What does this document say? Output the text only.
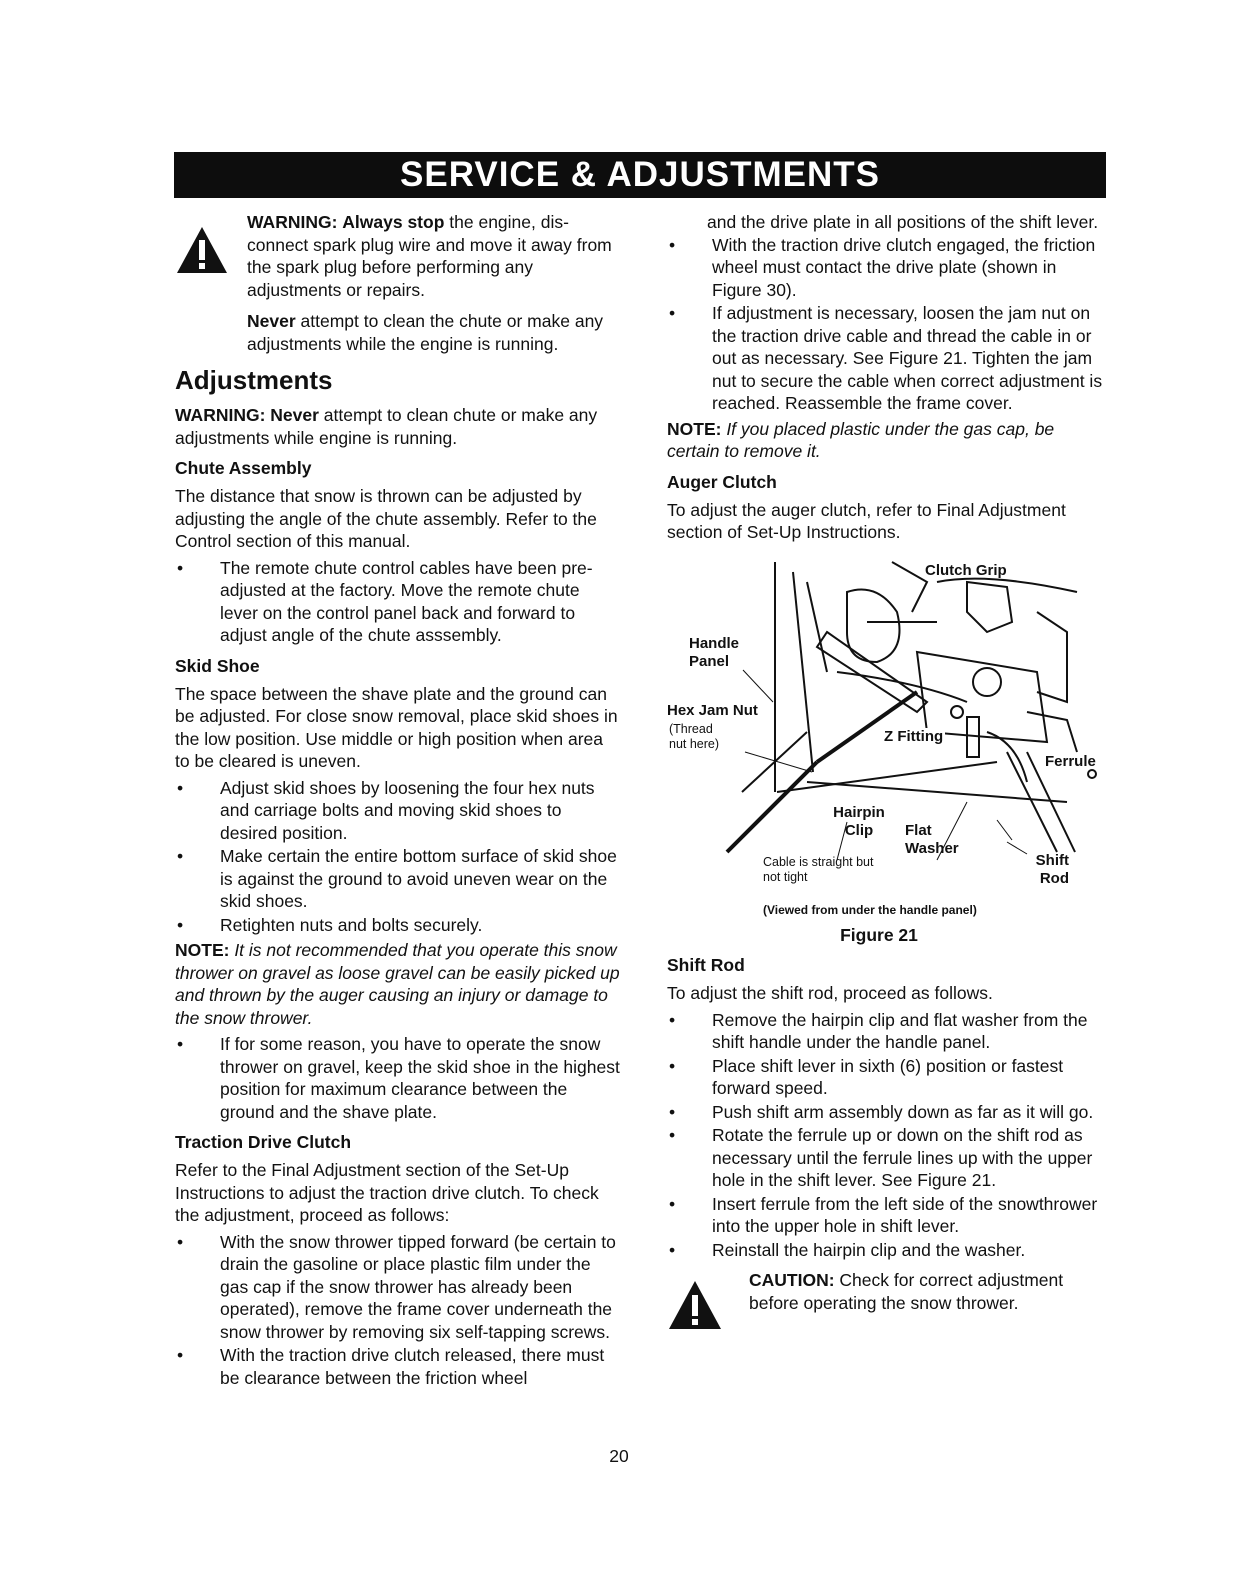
SERVICE & ADJUSTMENTS

WARNING: Always stop the engine, dis-connect spark plug wire and move it away from the spark plug before performing any adjustments or repairs.

Never attempt to clean the chute or make any adjustments while the engine is running.

Adjustments

WARNING: Never attempt to clean chute or make any adjustments while engine is running.

Chute Assembly

The distance that snow is thrown can be adjusted by adjusting the angle of the chute assembly. Refer to the Control section of this manual.

• The remote chute control cables have been pre-adjusted at the factory. Move the remote chute lever on the control panel back and forward to adjust angle of the chute asssembly.
Skid Shoe

The space between the shave plate and the ground can be adjusted. For close snow removal, place skid shoes in the low position. Use middle or high position when area to be cleared is uneven.

• Adjust skid shoes by loosening the four hex nuts and carriage bolts and moving skid shoes to desired position.
• Make certain the entire bottom surface of skid shoe is against the ground to avoid uneven wear on the skid shoes.
• Retighten nuts and bolts securely.

NOTE: It is not recommended that you operate this snow thrower on gravel as loose gravel can be easily picked up and thrown by the auger causing an injury or damage to the snow thrower.

• If for some reason, you have to operate the snow thrower on gravel, keep the skid shoe in the highest position for maximum clearance between the ground and the shave plate.
Traction Drive Clutch

Refer to the Final Adjustment section of the Set-Up Instructions to adjust the traction drive clutch. To check the adjustment, proceed as follows:

• With the snow thrower tipped forward (be certain to drain the gasoline or place plastic film under the gas cap if the snow thrower has already been operated), remove the frame cover underneath the snow thrower by removing six self-tapping screws.
• With the traction drive clutch released, there must be clearance between the friction wheel

and the drive plate in all positions of the shift lever.

• With the traction drive clutch engaged, the friction wheel must contact the drive plate (shown in Figure 30).
• If adjustment is necessary, loosen the jam nut on the traction drive cable and thread the cable in or out as necessary. See Figure 21. Tighten the jam nut to secure the cable when correct adjustment is reached. Reassemble the frame cover.

NOTE: If you placed plastic under the gas cap, be certain to remove it.

Auger Clutch

To adjust the auger clutch, refer to Final Adjustment section of Set-Up Instructions.

Clutch Grip
Handle Panel
Hex Jam Nut
(Thread nut here)	Z Fitting
Ferrule
Hairpin Clip	Flat Washer
Cable is straight but not tight
Shift Rod
(Viewed from under the handle panel)

Figure 21

Shift Rod

To adjust the shift rod, proceed as follows.

• Remove the hairpin clip and flat washer from the shift handle under the handle panel.
• Place shift lever in sixth (6) position or fastest forward speed.
• Push shift arm assembly down as far as it will go.
• Rotate the ferrule up or down on the shift rod as necessary until the ferrule lines up with the upper hole in the shift lever. See Figure 21.
• Insert ferrule from the left side of the snowthrower into the upper hole in shift lever.
• Reinstall the hairpin clip and the washer.

CAUTION: Check for correct adjustment before operating the snow thrower.

20
